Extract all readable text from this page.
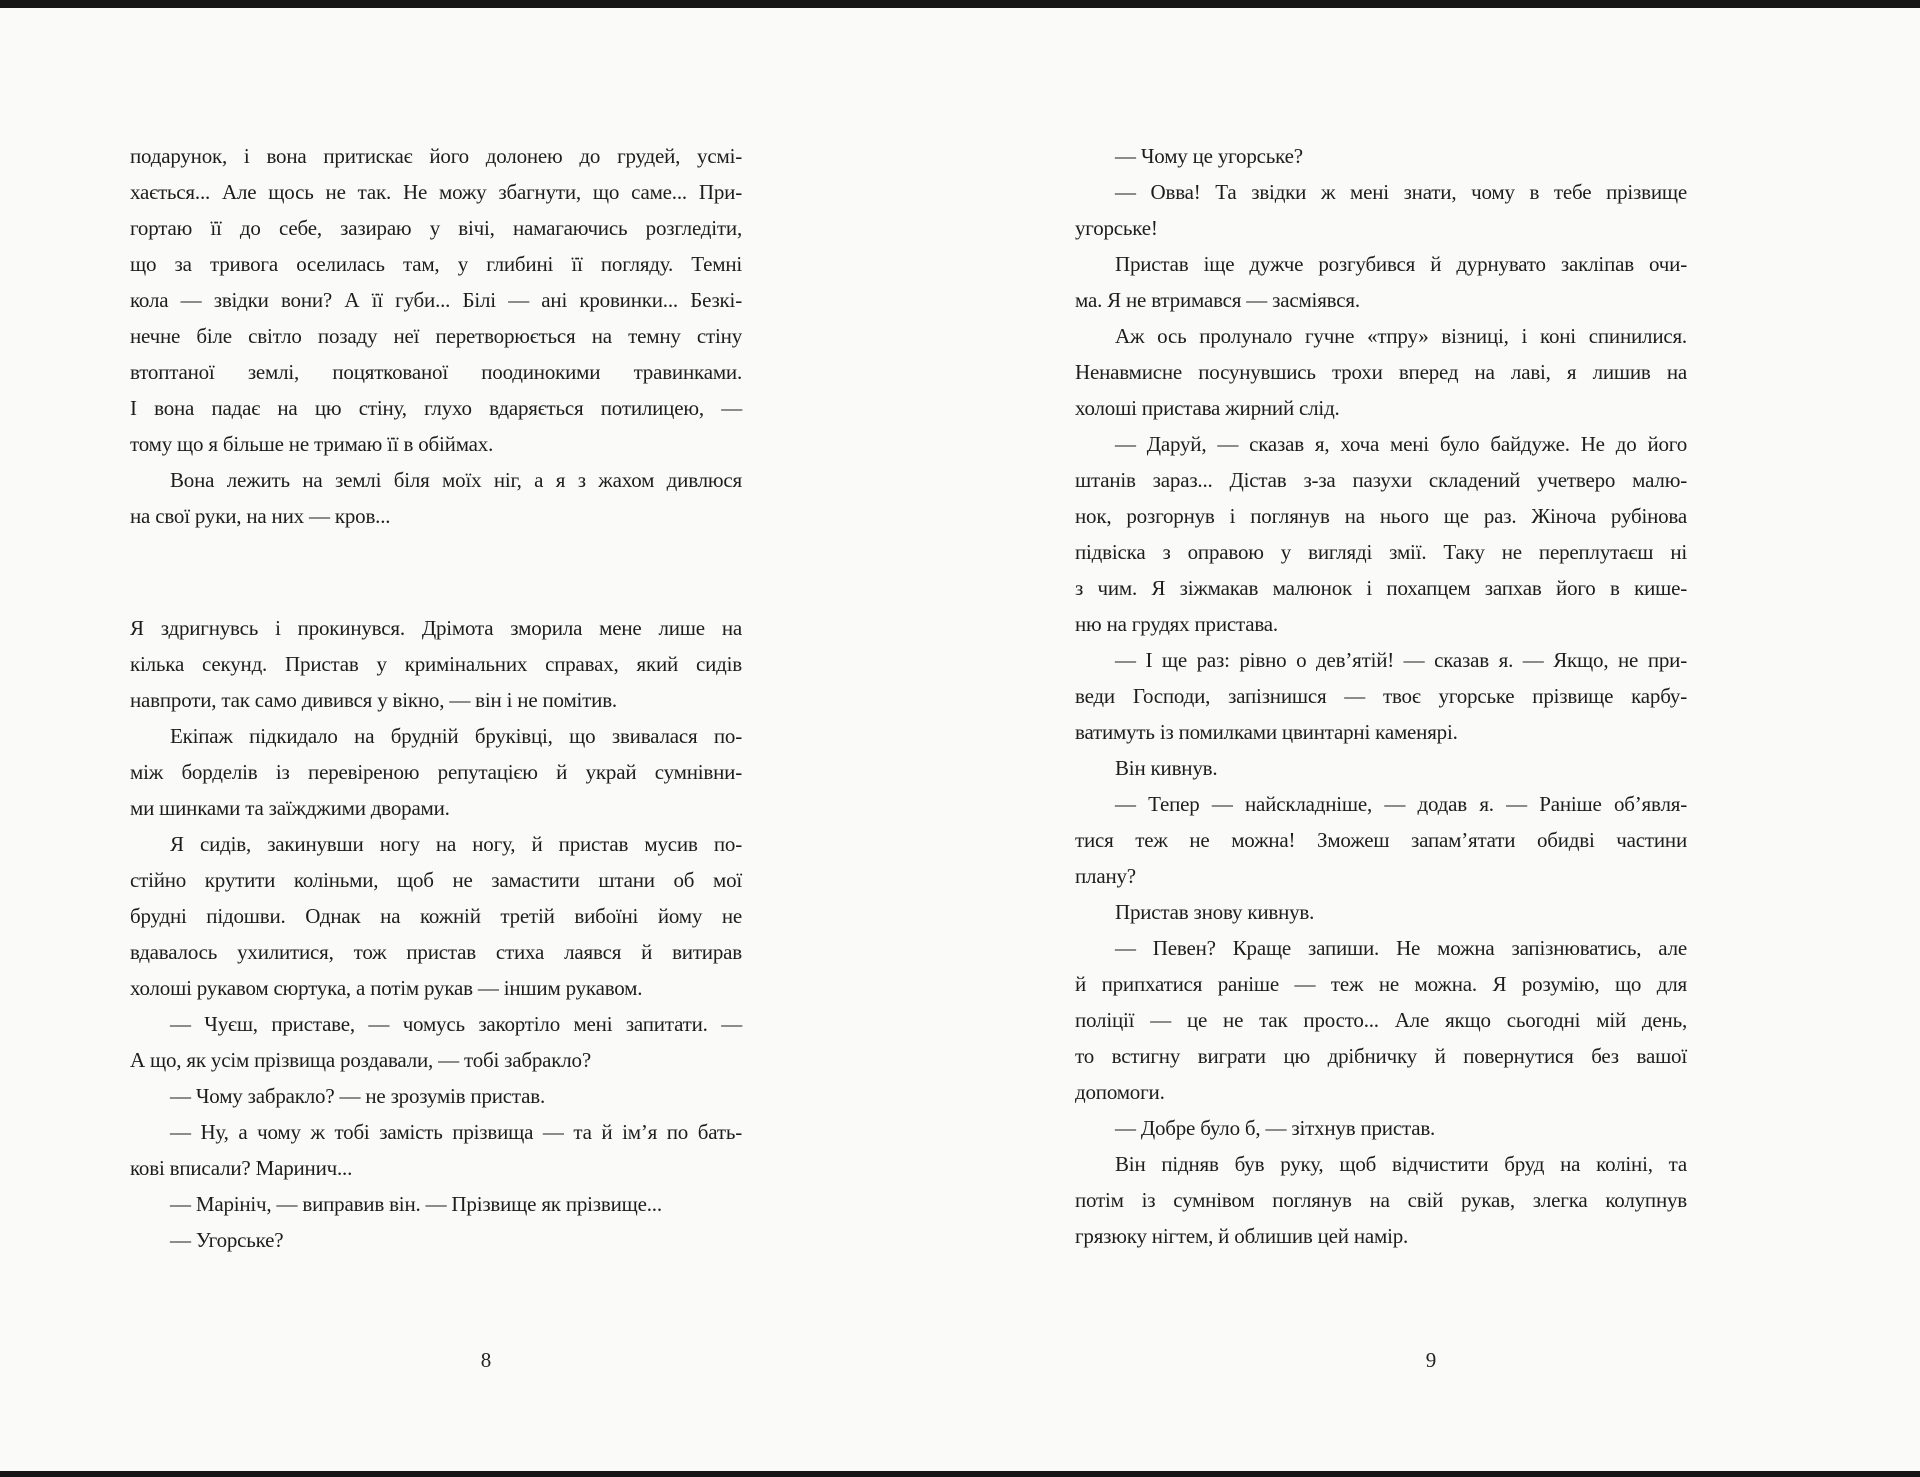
подарунок, і вона притискає його долонею до грудей, усмі-
хається... Але щось не так. Не можу збагнути, що саме... При-
гортаю її до себе, зазираю у вічі, намагаючись розгледіти,
що за тривога оселилась там, у глибині її погляду. Темні
кола — звідки вони? А її губи... Білі — ані кровинки... Безкі-
нечне біле світло позаду неї перетворюється на темну стіну
втоптаної землі, поцяткованої поодинокими травинками.
І вона падає на цю стіну, глухо вдаряється потилицею, —
тому що я більше не тримаю її в обіймах.
Вона лежить на землі біля моїх ніг, а я з жахом дивлюся
на свої руки, на них — кров...
Я здригнувсь і прокинувся. Дрімота зморила мене лише на
кілька секунд. Пристав у кримінальних справах, який сидів
навпроти, так само дивився у вікно, — він і не помітив.
Екіпаж підкидало на брудній бруківці, що звивалася по-
між борделів із перевіреною репутацією й украй сумнівни-
ми шинками та заїжджими дворами.
Я сидів, закинувши ногу на ногу, й пристав мусив по-
стійно крутити коліньми, щоб не замастити штани об мої
брудні підошви. Однак на кожній третій вибоїні йому не
вдавалось ухилитися, тож пристав стиха лаявся й витирав
холоші рукавом сюртука, а потім рукав — іншим рукавом.
— Чуєш, приставе, — чомусь закортіло мені запитати. —
А що, як усім прізвища роздавали, — тобі забракло?
— Чому забракло? — не зрозумів пристав.
— Ну, а чому ж тобі замість прізвища — та й ім’я по бать-
кові вписали? Маринич...
— Марініч, — виправив він. — Прізвище як прізвище...
— Угорське?
— Чому це угорське?
— Овва! Та звідки ж мені знати, чому в тебе прізвище
угорське!
Пристав іще дужче розгубився й дурнувато закліпав очи-
ма. Я не втримався — засміявся.
Аж ось пролунало гучне «тпру» візниці, і коні спинилися.
Ненавмисне посунувшись трохи вперед на лаві, я лишив на
холоші пристава жирний слід.
— Даруй, — сказав я, хоча мені було байдуже. Не до його
штанів зараз... Дістав з-за пазухи складений учетверо малю-
нок, розгорнув і поглянув на нього ще раз. Жіноча рубінова
підвіска з оправою у вигляді змії. Таку не переплутаєш ні
з чим. Я зіжмакав малюнок і похапцем запхав його в кише-
ню на грудях пристава.
— І ще раз: рівно о дев’ятій! — сказав я. — Якщо, не при-
веди Господи, запізнишся — твоє угорське прізвище карбу-
ватимуть із помилками цвинтарні каменярі.
Він кивнув.
— Тепер — найскладніше, — додав я. — Раніше об’явля-
тися теж не можна! Зможеш запам’ятати обидві частини
плану?
Пристав знову кивнув.
— Певен? Краще запиши. Не можна запізнюватись, але
й припхатися раніше — теж не можна. Я розумію, що для
поліції — це не так просто... Але якщо сьогодні мій день,
то встигну виграти цю дрібничку й повернутися без вашої
допомоги.
— Добре було б, — зітхнув пристав.
Він підняв був руку, щоб відчистити бруд на коліні, та
потім із сумнівом поглянув на свій рукав, злегка колупнув
грязюку нігтем, й облишив цей намір.
8	9
